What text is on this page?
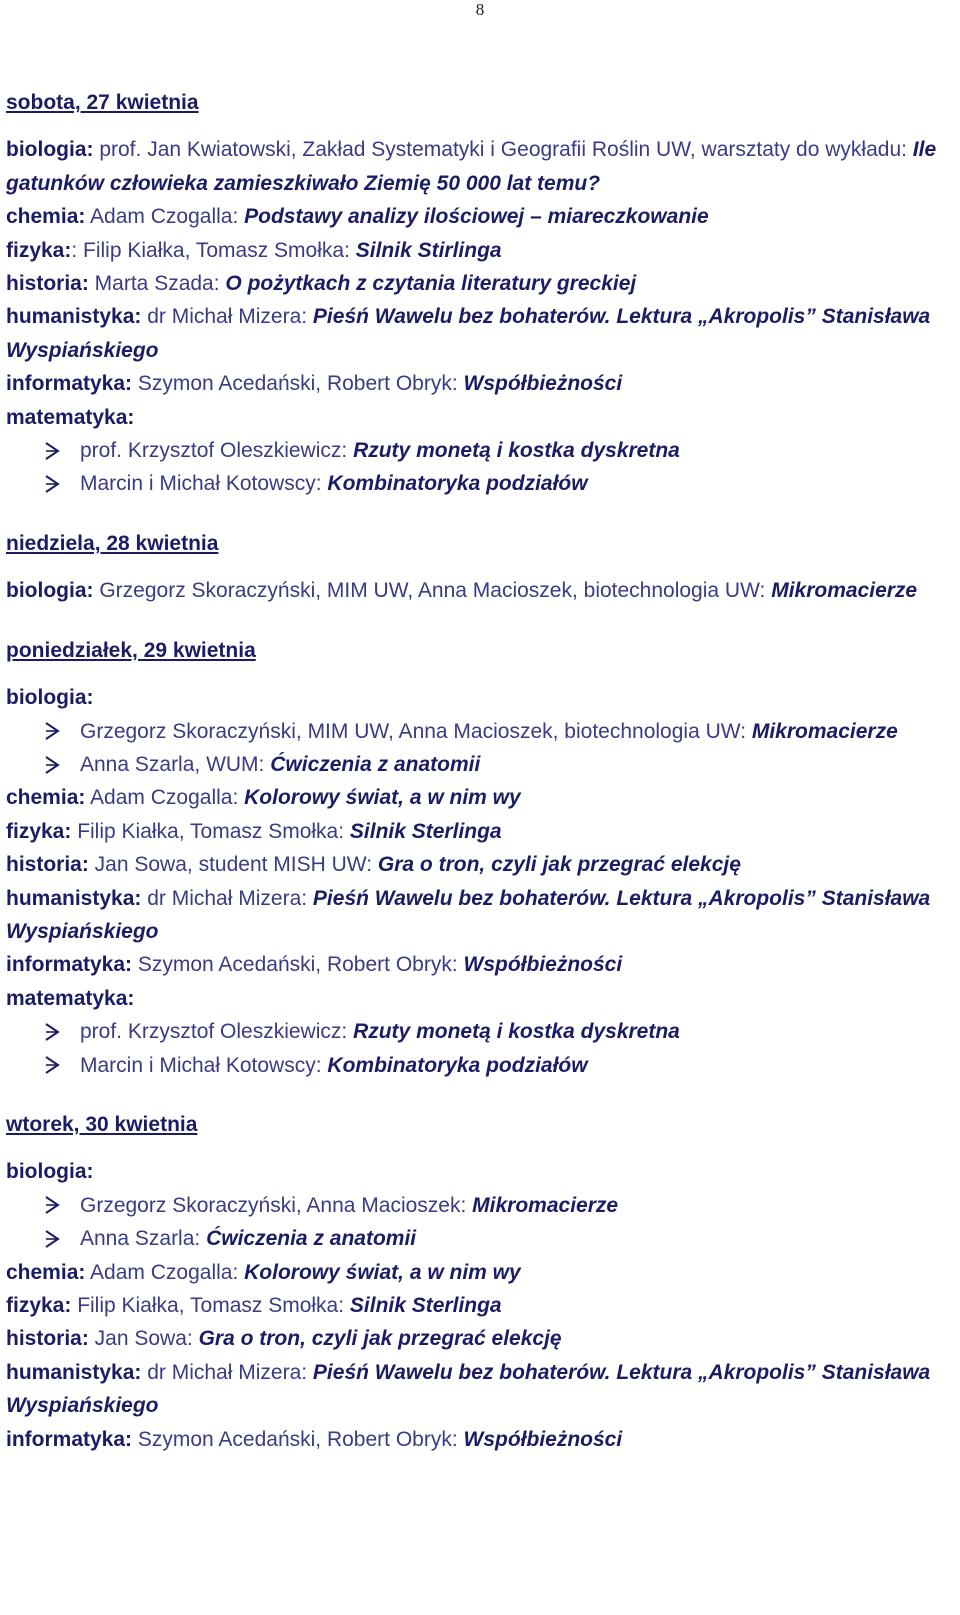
8
sobota, 27 kwietnia
biologia: prof. Jan Kwiatowski, Zakład Systematyki i Geografii Roślin UW, warsztaty do wykładu: Ile gatunków człowieka zamieszkiwało Ziemię 50 000 lat temu?
chemia: Adam Czogalla: Podstawy analizy ilościowej – miareczkowanie
fizyka:: Filip Kiałka, Tomasz Smołka: Silnik Stirlinga
historia: Marta Szada: O pożytkach z czytania literatury greckiej
humanistyka: dr Michał Mizera: Pieśń Wawelu bez bohaterów. Lektura „Akropolis” Stanisława Wyspiańskiego
informatyka: Szymon Acedański, Robert Obryk: Współbieżności
matematyka:
prof. Krzysztof Oleszkiewicz: Rzuty monetą i kostka dyskretna
Marcin i Michał Kotowscy: Kombinatoryka podziałów
niedziela, 28 kwietnia
biologia: Grzegorz Skoraczyński, MIM UW, Anna Macioszek, biotechnologia UW: Mikromacierze
poniedziałek, 29 kwietnia
biologia:
Grzegorz Skoraczyński, MIM UW, Anna Macioszek, biotechnologia UW: Mikromacierze
Anna Szarla, WUM: Ćwiczenia z anatomii
chemia: Adam Czogalla: Kolorowy świat, a w nim wy
fizyka: Filip Kiałka, Tomasz Smołka: Silnik Sterlinga
historia: Jan Sowa, student MISH UW: Gra o tron, czyli jak przegrać elekcję
humanistyka: dr Michał Mizera: Pieśń Wawelu bez bohaterów. Lektura „Akropolis” Stanisława Wyspiańskiego
informatyka: Szymon Acedański, Robert Obryk: Współbieżności
matematyka:
prof. Krzysztof Oleszkiewicz: Rzuty monetą i kostka dyskretna
Marcin i Michał Kotowscy: Kombinatoryka podziałów
wtorek, 30 kwietnia
biologia:
Grzegorz Skoraczyński, Anna Macioszek: Mikromacierze
Anna Szarla: Ćwiczenia z anatomii
chemia: Adam Czogalla: Kolorowy świat, a w nim wy
fizyka: Filip Kiałka, Tomasz Smołka: Silnik Sterlinga
historia: Jan Sowa: Gra o tron, czyli jak przegrać elekcję
humanistyka: dr Michał Mizera: Pieśń Wawelu bez bohaterów. Lektura „Akropolis” Stanisława Wyspiańskiego
informatyka: Szymon Acedański, Robert Obryk: Współbieżności
